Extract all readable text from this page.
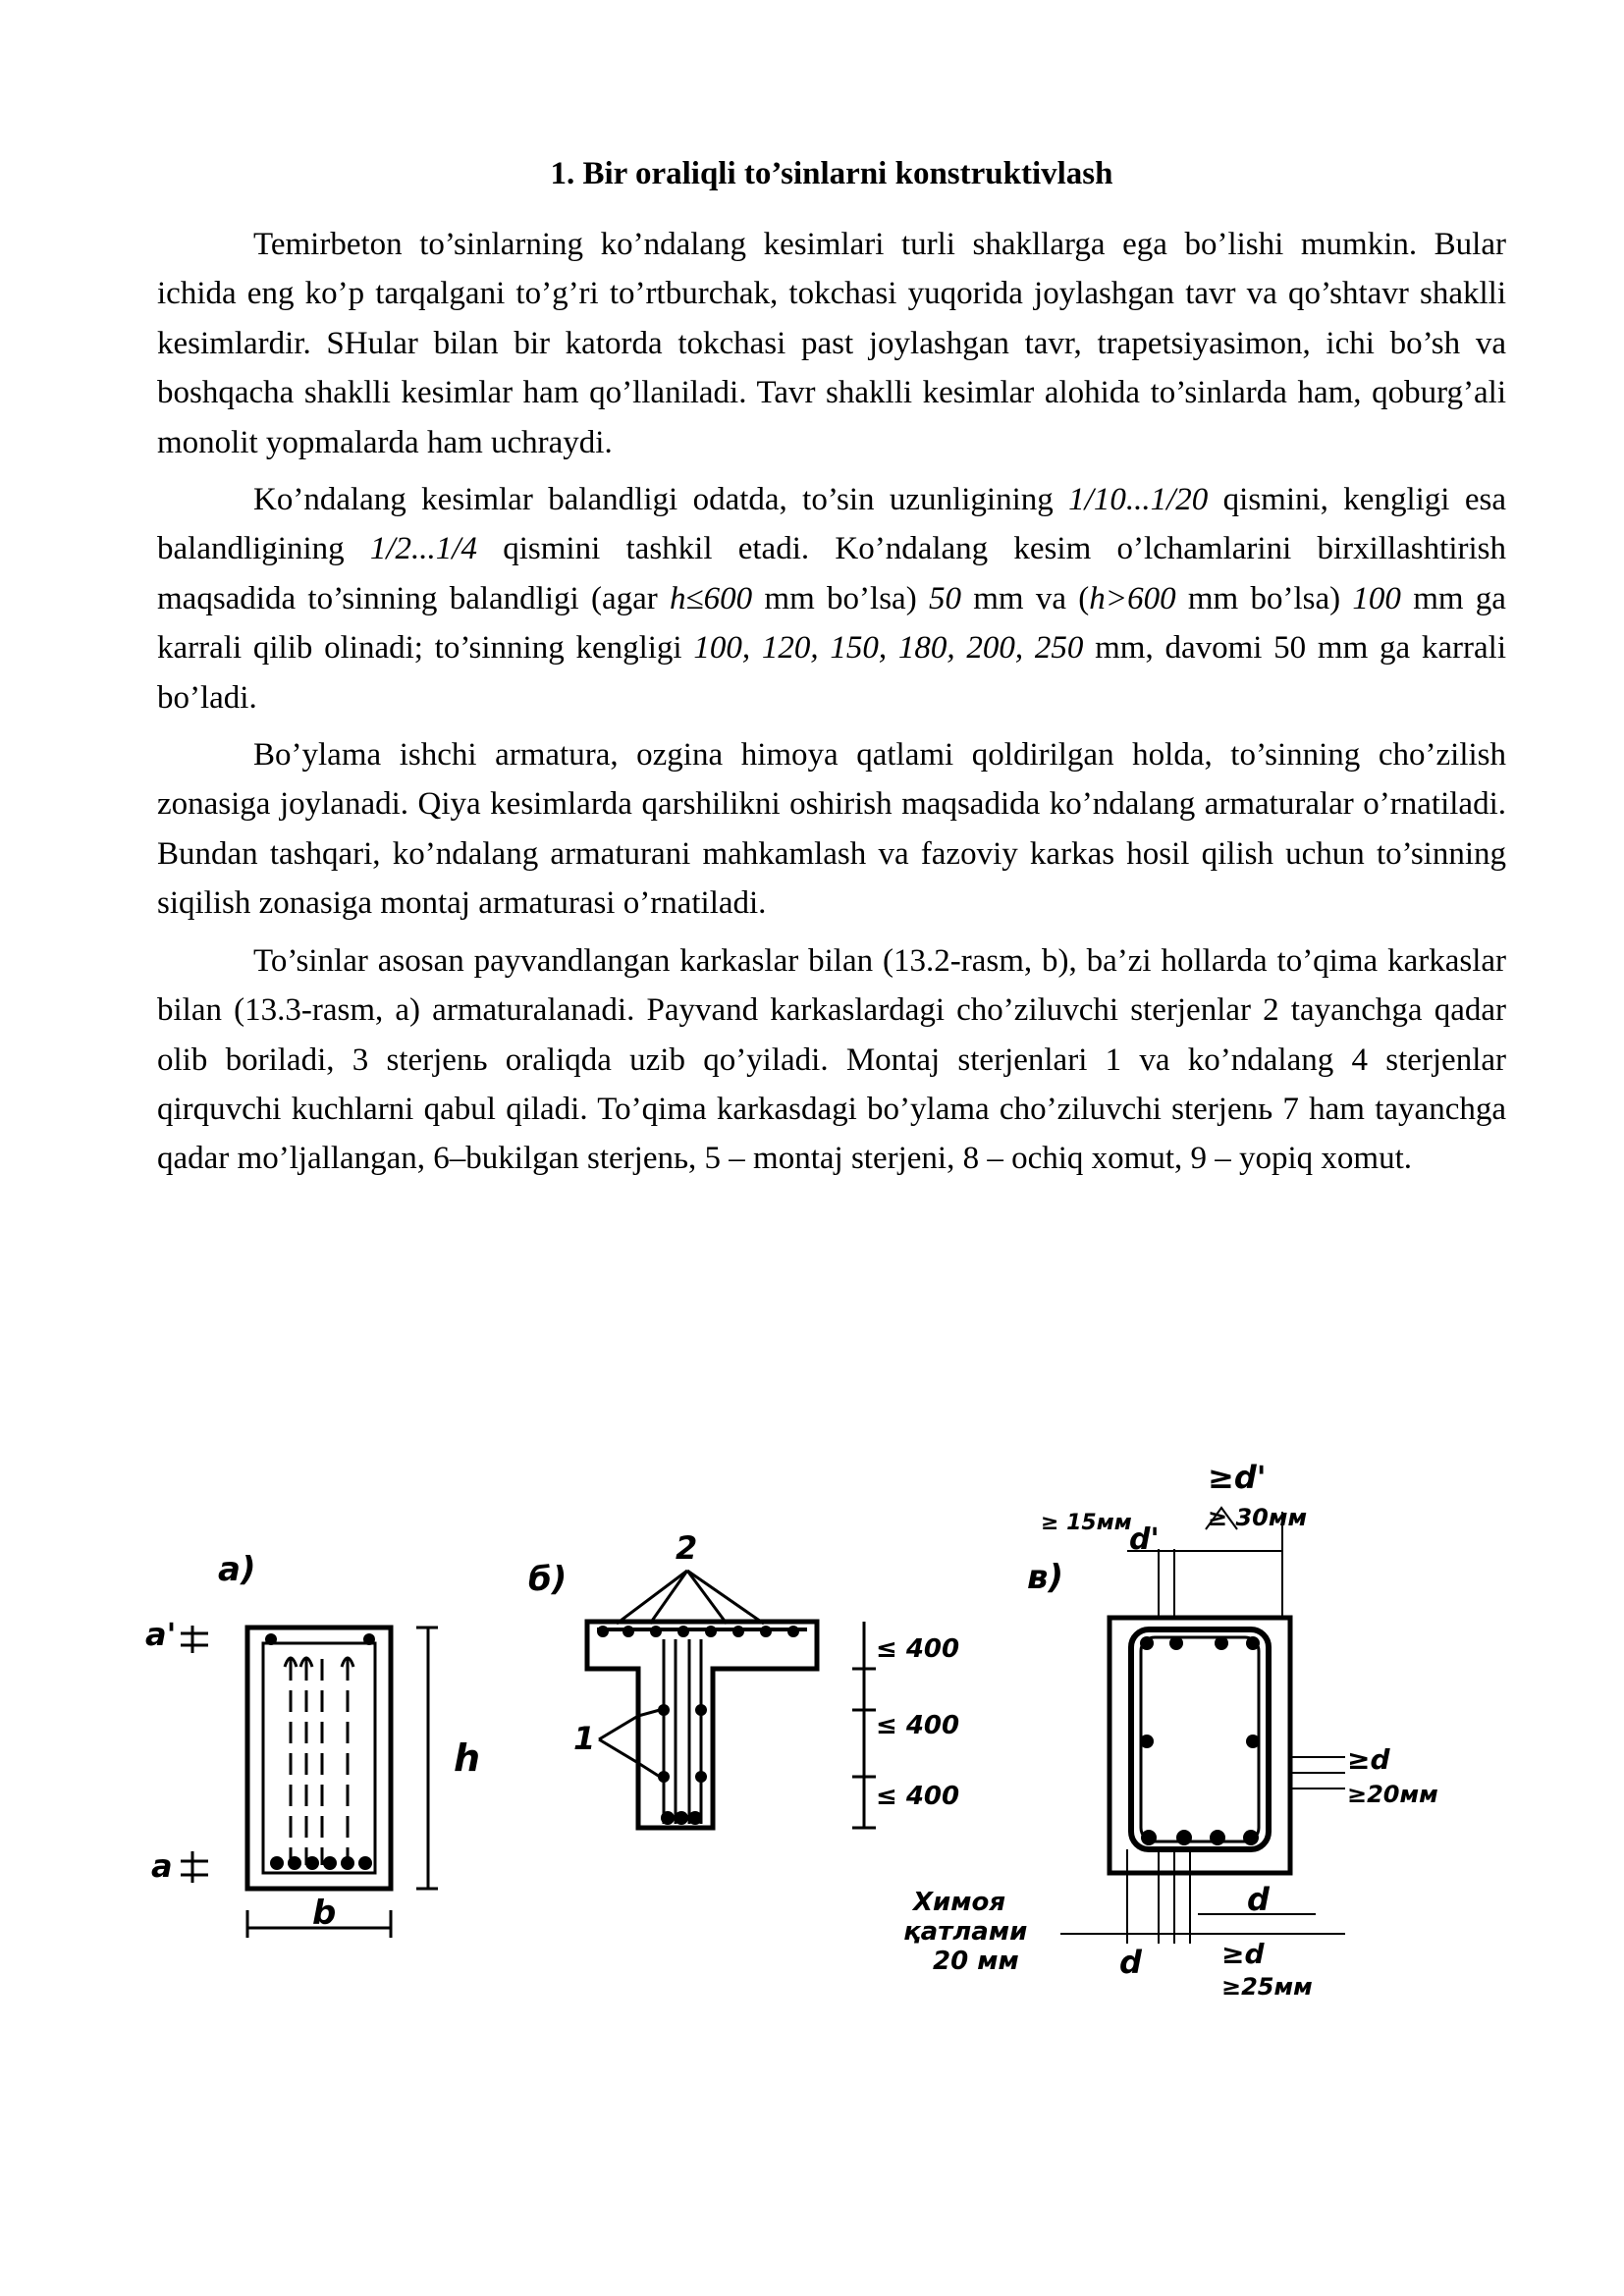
1. Bir oraliqli to’sinlarni konstruktivlash

Temirbeton to’sinlarning ko’ndalang kesimlari turli shakllarga ega bo’lishi mumkin. Bular ichida eng ko’p tarqalgani to’g’ri to’rtburchak, tokchasi yuqorida joylashgan tavr va qo’shtavr shaklli kesimlardir. SHular bilan bir katorda tokchasi past joylashgan tavr, trapetsiyasimon, ichi bo’sh va boshqacha shaklli kesimlar ham qo’llaniladi. Tavr shaklli kesimlar alohida to’sinlarda ham, qoburg’ali monolit yopmalarda ham uchraydi.

Ko’ndalang kesimlar balandligi odatda, to’sin uzunligining 1/10...1/20 qismini, kengligi esa balandligining 1/2...1/4 qismini tashkil etadi. Ko’ndalang kesim o’lchamlarini birxillashtirish maqsadida to’sinning balandligi (agar h≤600 mm bo’lsa) 50 mm va (h>600 mm bo’lsa) 100 mm ga karrali qilib olinadi; to’sinning kengligi 100, 120, 150, 180, 200, 250 mm, davomi 50 mm ga karrali bo’ladi.

Bo’ylama ishchi armatura, ozgina himoya qatlami qoldirilgan holda, to’sinning cho’zilish zonasiga joylanadi. Qiya kesimlarda qarshilikni oshirish maqsadida ko’ndalang armaturalar o’rnatiladi. Bundan tashqari, ko’ndalang armaturani mahkamlash va fazoviy karkas hosil qilish uchun to’sinning siqilish zonasiga montaj armaturasi o’rnatiladi.

To’sinlar asosan payvandlangan karkaslar bilan (13.2-rasm, b), ba’zi hollarda to’qima karkaslar bilan (13.3-rasm, a) armaturalanadi. Payvand karkaslardagi cho’ziluvchi sterjenlar 2 tayanchga qadar olib boriladi, 3 sterjenь oraliqda uzib qo’yiladi. Montaj sterjenlari 1 va ko’ndalang 4 sterjenlar qirquvchi kuchlarni qabul qiladi. To’qima karkasdagi bo’ylama cho’ziluvchi sterjenь 7 ham tayanchga qadar mo’ljallangan, 6–bukilgan sterjenь, 5 – montaj sterjeni, 8 – ochiq xomut, 9 – yopiq xomut.

а)
a'
a
h
b
б)
2
1
≤ 400
≤ 400
≤ 400
в)
≥d'
≥ 30мм
≥ 15мм
d'
≥d
≥20мм
Химоя
қатлами
20 мм
d
d	≥d
≥25мм
